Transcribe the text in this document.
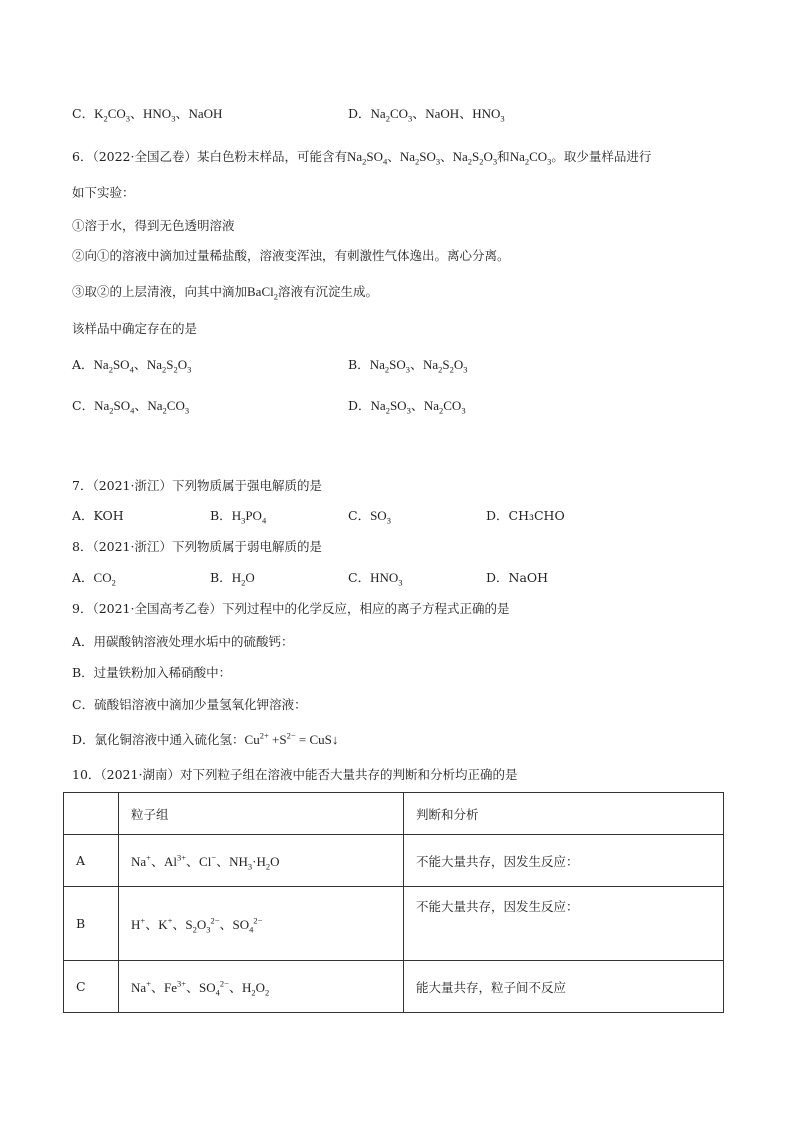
C．$K_2CO_3$、$HNO_3$、NaOH	D．$Na_2CO_3$、NaOH、$HNO_3$
6．（2022·全国乙卷）某白色粉末样品，可能含有$Na_2SO_4$、$Na_2SO_3$、$Na_2S_2O_3$和$Na_2CO_3$。取少量样品进行
如下实验：
①溶于水，得到无色透明溶液
②向①的溶液中滴加过量稀盐酸，溶液变浑浊，有刺激性气体逸出。离心分离。
③取②的上层清液，向其中滴加BaCl$_2$溶液有沉淀生成。
该样品中确定存在的是
A．$Na_2SO_4$、$Na_2S_2O_3$	B．$Na_2SO_3$、$Na_2S_2O_3$
C．$Na_2SO_4$、$Na_2CO_3$	D．$Na_2SO_3$、$Na_2CO_3$
7．（2021·浙江）下列物质属于强电解质的是
A．KOH	B．$H_3PO_4$	C．$SO_3$	D．CH₃CHO
8．（2021·浙江）下列物质属于弱电解质的是
A．$CO_2$	B．$H_2O$	C．$HNO_3$	D．NaOH
9．（2021·全国高考乙卷）下列过程中的化学反应，相应的离子方程式正确的是
A．用碳酸钠溶液处理水垢中的硫酸钙：
B．过量铁粉加入稀硝酸中：
C．硫酸铝溶液中滴加少量氢氧化钾溶液：
D．氯化铜溶液中通入硫化氢：$Cu^{2+} +S^{2-}$ = CuS↓
10．（2021·湖南）对下列粒子组在溶液中能否大量共存的判断和分析均正确的是
	粒子组	判断和分析
A	Na+、$Al^{3+}$、Cl−、$NH_3\cdot H_2O$	不能大量共存，因发生反应：
B	H+、K+、$S_2O_3^{2-}$、$SO_4^{2-}$	不能大量共存，因发生反应：
C	Na+、$Fe^{3+}$、$SO_4^{2-}$、$H_2O_2$	能大量共存，粒子间不反应
